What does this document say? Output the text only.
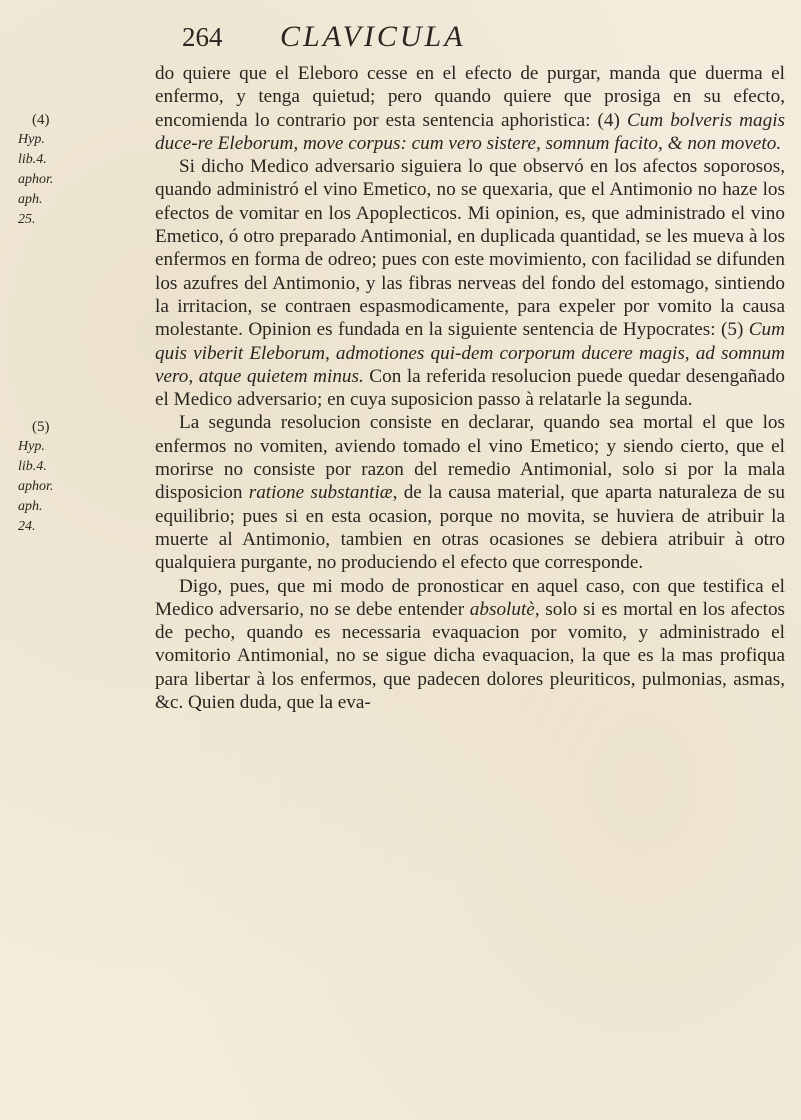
264 CLAVICULA
(4)
Hyp. lib.4.
aphor. aph.
25.
(5)
Hyp. lib.4.
aphor. aph.
24.

do quiere que el Eleboro cesse en el efecto de purgar, manda que duerma el enfermo, y tenga quietud; pero quando quiere que prosiga en su efecto, encomienda lo contrario por esta sentencia aphoristica: (4) Cum bolveris magis duce-re Eleborum, move corpus: cum vero sistere, somnum facito, & non moveto.

Si dicho Medico adversario siguiera lo que observó en los afectos soporosos, quando administró el vino Emetico, no se quexaria, que el Antimonio no haze los efectos de vomitar en los Apoplecticos. Mi opinion, es, que administrado el vino Emetico, ó otro preparado Antimonial, en duplicada quantidad, se les mueva à los enfermos en forma de odreo; pues con este movimiento, con facilidad se difunden los azufres del Antimonio, y las fibras nerveas del fondo del estomago, sintiendo la irritacion, se contraen espasmodicamente, para expeler por vomito la causa molestante. Opinion es fundada en la siguiente sentencia de Hypocrates: (5) Cum quis viberit Eleborum, admotiones qui-dem corporum ducere magis, ad somnum vero, atque quietem minus. Con la referida resolucion puede quedar desengañado el Medico adversario; en cuya suposicion passo à relatarle la segunda.

La segunda resolucion consiste en declarar, quando sea mortal el que los enfermos no vomiten, aviendo tomado el vino Emetico; y siendo cierto, que el morirse no consiste por razon del remedio Antimonial, solo si por la mala disposicion ratione substantiæ, de la causa material, que aparta naturaleza de su equilibrio; pues si en esta ocasion, porque no movita, se huviera de atribuir la muerte al Antimonio, tambien en otras ocasiones se debiera atribuir à otro qualquiera purgante, no produciendo el efecto que corresponde.

Digo, pues, que mi modo de pronosticar en aquel caso, con que testifica el Medico adversario, no se debe entender absolutè, solo si es mortal en los afectos de pecho, quando es necessaria evaquacion por vomito, y administrado el vomitorio Antimonial, no se sigue dicha evaquacion, la que es la mas profiqua para libertar à los enfermos, que padecen dolores pleuriticos, pulmonias, asmas, &c. Quien duda, que la eva-
